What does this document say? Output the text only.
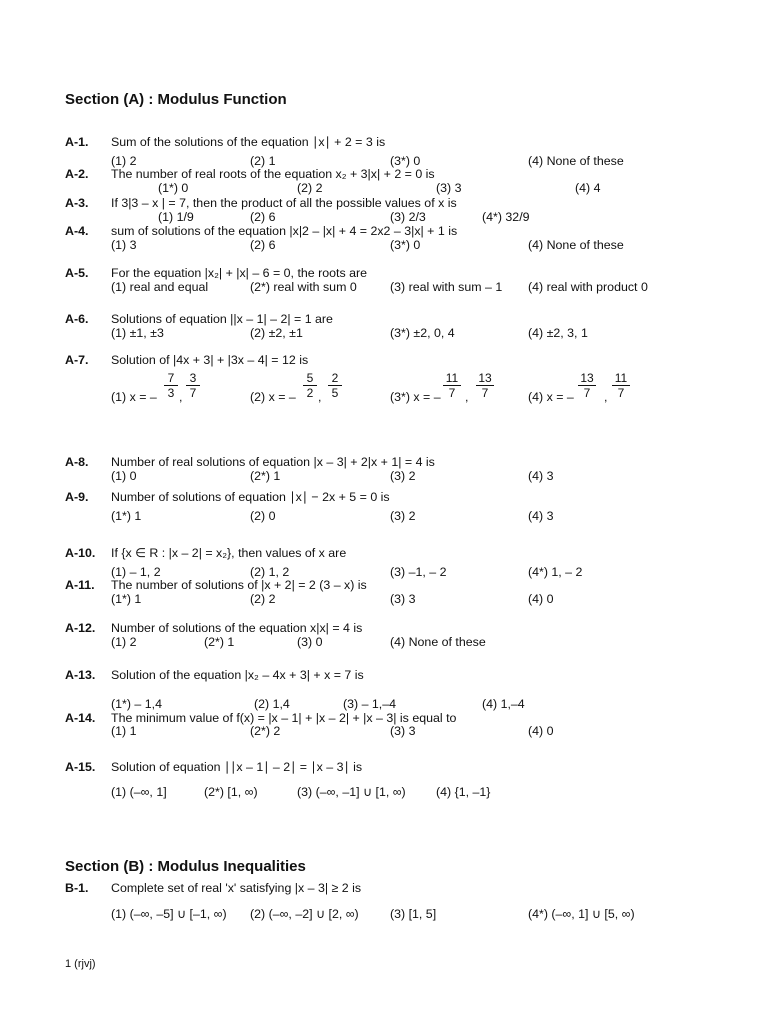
Section (A) : Modulus Function
A-1. Sum of the solutions of the equation ∣x∣ + 2 = 3 is
(1) 2	(2) 1	(3*) 0	(4) None of these
A-2. The number of real roots of the equation x₂ + 3|x| + 2 = 0 is
(1*) 0	(2) 2	(3) 3	(4) 4
A-3. If 3|3 – x | = 7, then the product of all the possible values of x is
(1) 1/9	(2) 6	(3) 2/3	(4*) 32/9
A-4. sum of solutions of the equation |x|2 – |x| + 4 = 2x2 – 3|x| + 1 is
(1) 3	(2) 6	(3*) 0	(4) None of these
A-5. For the equation |x₂| + |x| – 6 = 0, the roots are
(1) real and equal	(2*) real with sum 0	(3) real with sum – 1 (4) real with product 0
A-6. Solutions of equation ||x – 1| – 2| = 1 are
(1) ±1, ±3	(2) ±2, ±1	(3*) ±2, 0, 4	(4) ±2, 3, 1
A-7. Solution of |4x + 3| + |3x – 4| = 12 is
(1) x = – $\frac{7}{3}$ , $\frac{3}{7}$	(2) x = – $\frac{5}{2}$ , $\frac{2}{5}$	(3*) x = – $\frac{11}{7}$ , $\frac{13}{7}$	(4) x = – $\frac{13}{7}$ , $\frac{11}{7}$
A-8. Number of real solutions of equation |x – 3| + 2|x + 1| = 4 is
(1) 0	(2*) 1	(3) 2	(4) 3
A-9. Number of solutions of equation ∣x∣ − 2x + 5 = 0 is
(1*) 1	(2) 0	(3) 2	(4) 3
A-10. If {x ∈ R : |x – 2| = x₂}, then values of x are
(1) – 1, 2	(2) 1, 2	(3) –1, – 2	(4*) 1, – 2
A-11. The number of solutions of |x + 2| = 2 (3 – x) is
(1*) 1	(2) 2	(3) 3	(4) 0
A-12. Number of solutions of the equation x|x| = 4 is
(1) 2	(2*) 1	(3) 0	(4) None of these
A-13. Solution of the equation |x₂ – 4x + 3| + x = 7 is
(1*) – 1,4	(2) 1,4	(3) – 1,–4	(4) 1,–4
A-14. The minimum value of f(x) = |x – 1| + |x – 2| + |x – 3| is equal to
(1) 1	(2*) 2	(3) 3	(4) 0
A-15. Solution of equation ∣∣x – 1∣ – 2∣ = ∣x – 3∣ is
(1) (–∞, 1]	(2*) [1, ∞)	(3) (–∞, –1] ∪ [1, ∞) (4) {1, –1}
Section (B) : Modulus Inequalities
B-1. Complete set of real 'x' satisfying |x – 3| ≥ 2 is
(1) (–∞, –5] ∪ [–1, ∞) (2) (–∞, –2] ∪ [2, ∞)	(3) [1, 5]	(4*) (–∞, 1] ∪ [5, ∞)
1 (rjvj)
